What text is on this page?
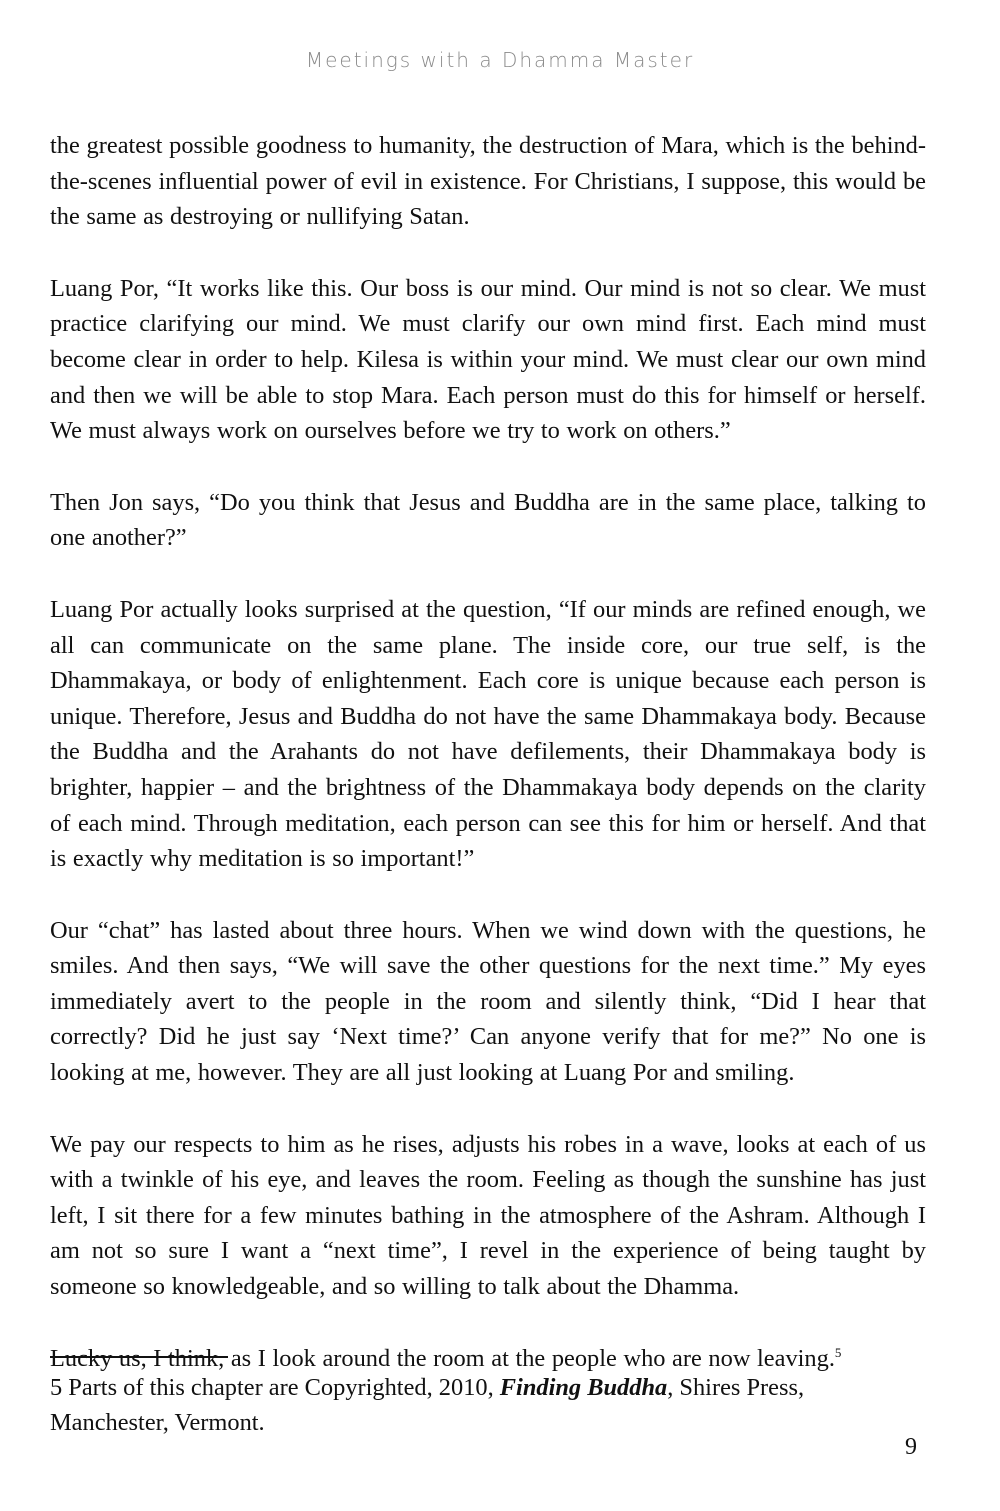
Meetings with a Dhamma Master

the greatest possible goodness to humanity, the destruction of Mara, which is the behind-the-scenes influential power of evil in existence. For Christians, I suppose, this would be the same as destroying or nullifying Satan.

Luang Por, “It works like this. Our boss is our mind. Our mind is not so clear. We must practice clarifying our mind. We must clarify our own mind first. Each mind must become clear in order to help. Kilesa is within your mind. We must clear our own mind and then we will be able to stop Mara. Each person must do this for himself or herself. We must always work on ourselves before we try to work on others.”

Then Jon says, “Do you think that Jesus and Buddha are in the same place, talking to one another?”

Luang Por actually looks surprised at the question, “If our minds are refined enough, we all can communicate on the same plane. The inside core, our true self, is the Dhammakaya, or body of enlightenment. Each core is unique because each person is unique. Therefore, Jesus and Buddha do not have the same Dhammakaya body. Because the Buddha and the Arahants do not have defilements, their Dhammakaya body is brighter, happier – and the brightness of the Dhammakaya body depends on the clarity of each mind. Through meditation, each person can see this for him or herself. And that is exactly why meditation is so important!”

Our “chat” has lasted about three hours. When we wind down with the questions, he smiles. And then says, “We will save the other questions for the next time.” My eyes immediately avert to the people in the room and silently think, “Did I hear that correctly? Did he just say ‘Next time?’ Can anyone verify that for me?” No one is looking at me, however. They are all just looking at Luang Por and smiling.

We pay our respects to him as he rises, adjusts his robes in a wave, looks at each of us with a twinkle of his eye, and leaves the room. Feeling as though the sunshine has just left, I sit there for a few minutes bathing in the atmosphere of the Ashram. Although I am not so sure I want a “next time”, I revel in the experience of being taught by someone so knowledgeable, and so willing to talk about the Dhamma.

Lucky us, I think, as I look around the room at the people who are now leaving.$^5$

5 Parts of this chapter are Copyrighted, 2010, Finding Buddha, Shires Press, Manchester, Vermont.
9
